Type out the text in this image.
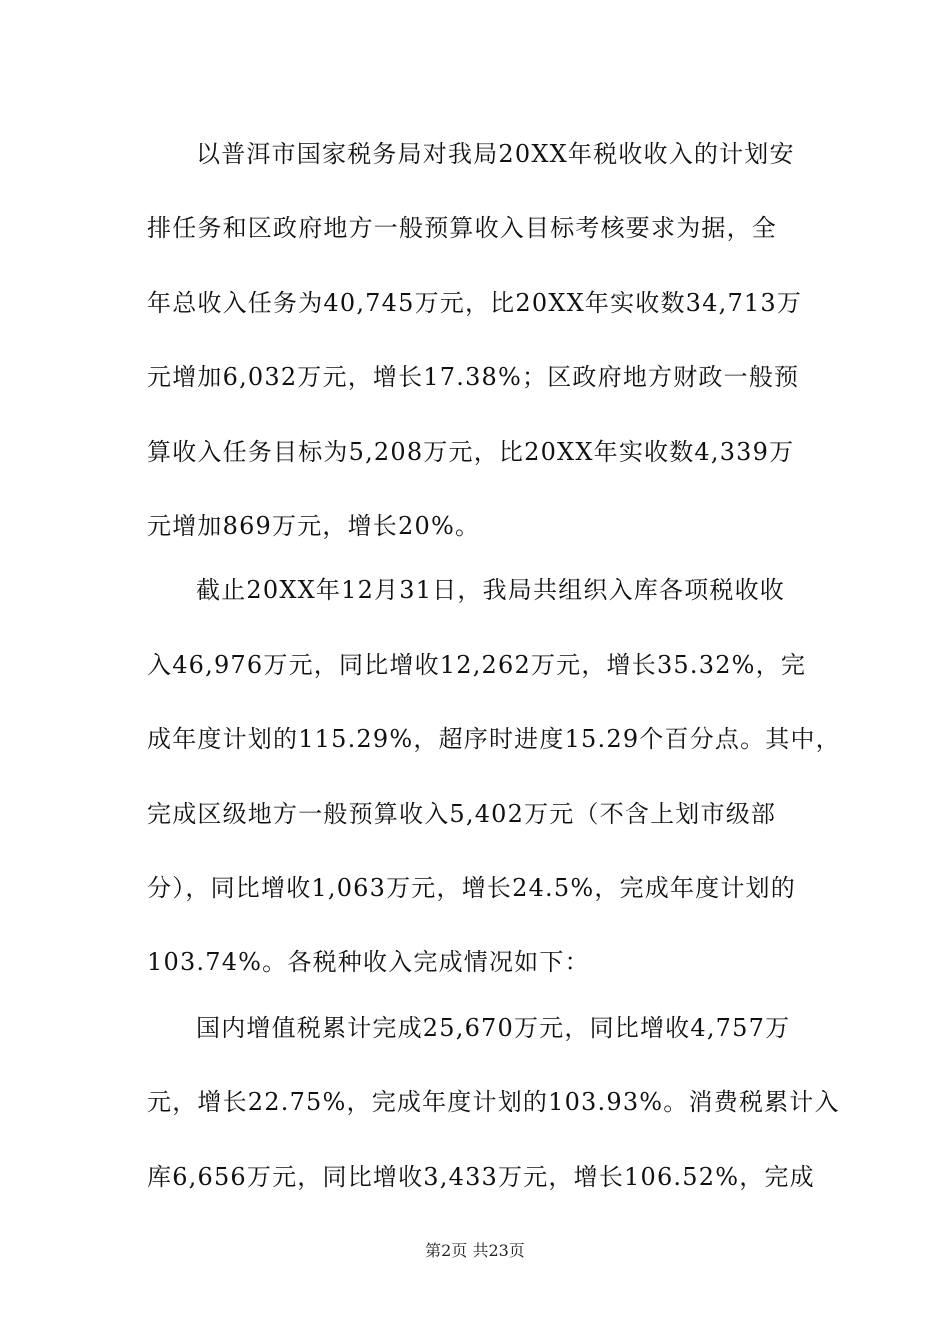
以普洱市国家税务局对我局20XX年税收收入的计划安
排任务和区政府地方一般预算收入目标考核要求为据，全
年总收入任务为40,745万元，比20XX年实收数34,713万
元增加6,032万元，增长17.38%；区政府地方财政一般预
算收入任务目标为5,208万元，比20XX年实收数4,339万
元增加869万元，增长20%。
截止20XX年12月31日，我局共组织入库各项税收收
入46,976万元，同比增收12,262万元，增长35.32%，完
成年度计划的115.29%，超序时进度15.29个百分点。其中，
完成区级地方一般预算收入5,402万元（不含上划市级部
分），同比增收1,063万元，增长24.5%，完成年度计划的
103.74%。各税种收入完成情况如下：
国内增值税累计完成25,670万元，同比增收4,757万
元，增长22.75%，完成年度计划的103.93%。消费税累计入
库6,656万元，同比增收3,433万元，增长106.52%，完成
第2页 共23页
